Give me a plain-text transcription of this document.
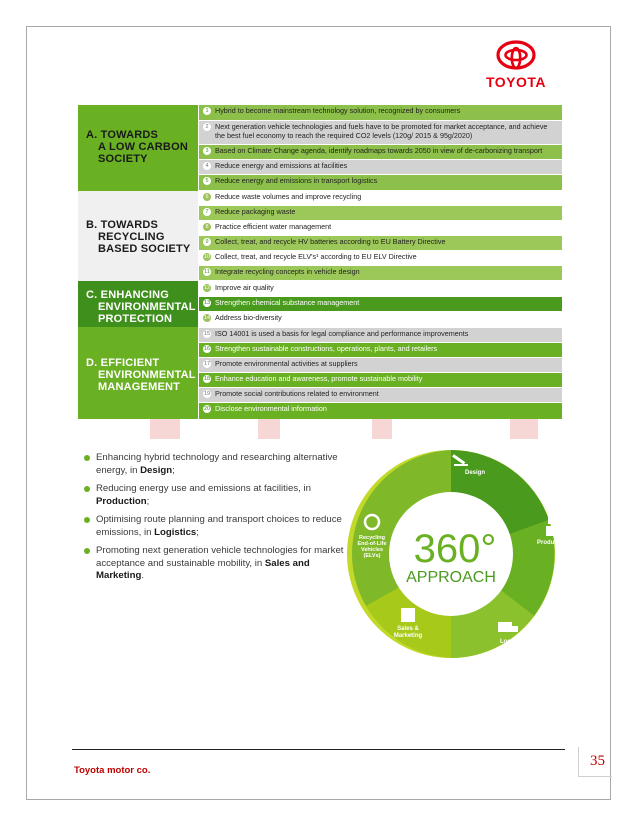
TOYOTA
A. TOWARDS
A LOW CARBON
SOCIETY
B. TOWARDS
RECYCLING
BASED SOCIETY
C. ENHANCING
ENVIRONMENTAL
PROTECTION
D. EFFICIENT
ENVIRONMENTAL
MANAGEMENT
1 Hybrid to become mainstream technology solution, recognized by consumers
2 Next generation vehicle technologies and fuels have to be promoted for market acceptance, and achieve the best fuel economy to reach the required CO2 levels (120g/ 2015 & 95g/2020)
3 Based on Climate Change agenda, identify roadmaps towards 2050 in view of de-carbonizing transport
4 Reduce energy and emissions at facilities
5 Reduce energy and emissions in transport logistics
6 Reduce waste volumes and improve recycling
7 Reduce packaging waste
8 Practice efficient water management
9 Collect, treat, and recycle HV batteries according to EU Battery Directive
10 Collect, treat, and recycle ELV's¹ according to EU ELV Directive
11 Integrate recycling concepts in vehicle design
12 Improve air quality
13 Strengthen chemical substance management
14 Address bio-diversity
15 ISO 14001 is used a basis for legal compliance and performance improvements
16 Strengthen sustainable constructions, operations, plants, and retailers
17 Promote environmental activities at suppliers
18 Enhance education and awareness, promote sustainable mobility
19 Promote social contributions related to environment
20 Disclose environmental information
Enhancing hybrid technology and researching alternative energy, in Design;
Reducing energy use and emissions at facilities, in Production;
Optimising route planning and transport choices to reduce emissions, in Logistics;
Promoting next generation vehicle technologies for market acceptance and sustainable mobility, in Sales and Marketing.
360°
APPROACH
Design
Production
Logistics
Sales &
Marketing
Recycling
End-of-Life
Vehicles
(ELVs)
Toyota motor co.
35
